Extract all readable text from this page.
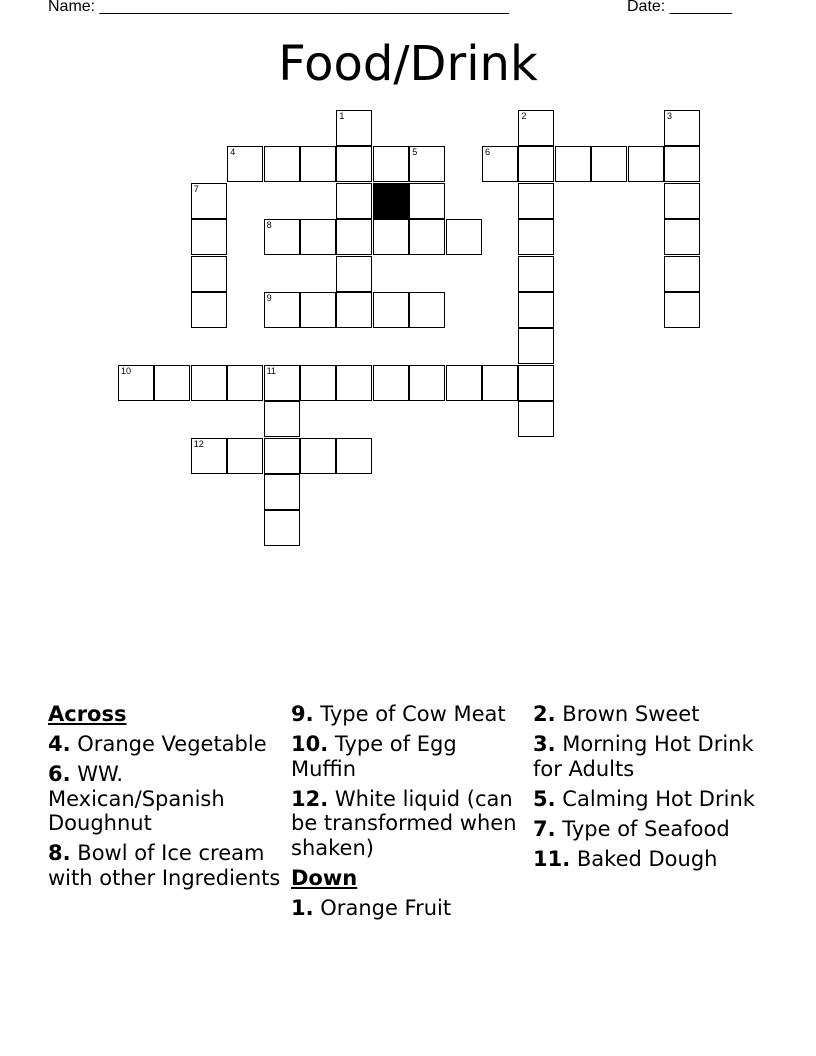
Name: ______________________________________________	Date: _______
Food/Drink
4	5	6
8
9
10	11
12
1	2	3
7
Across
4. Orange Vegetable
6. WW. Mexican/Spanish Doughnut
8. Bowl of Ice cream with other Ingredients
9. Type of Cow Meat
10. Type of Egg Muffin
12. White liquid (can be transformed when shaken)
Down
1. Orange Fruit
2. Brown Sweet
3. Morning Hot Drink for Adults
5. Calming Hot Drink
7. Type of Seafood
11. Baked Dough
